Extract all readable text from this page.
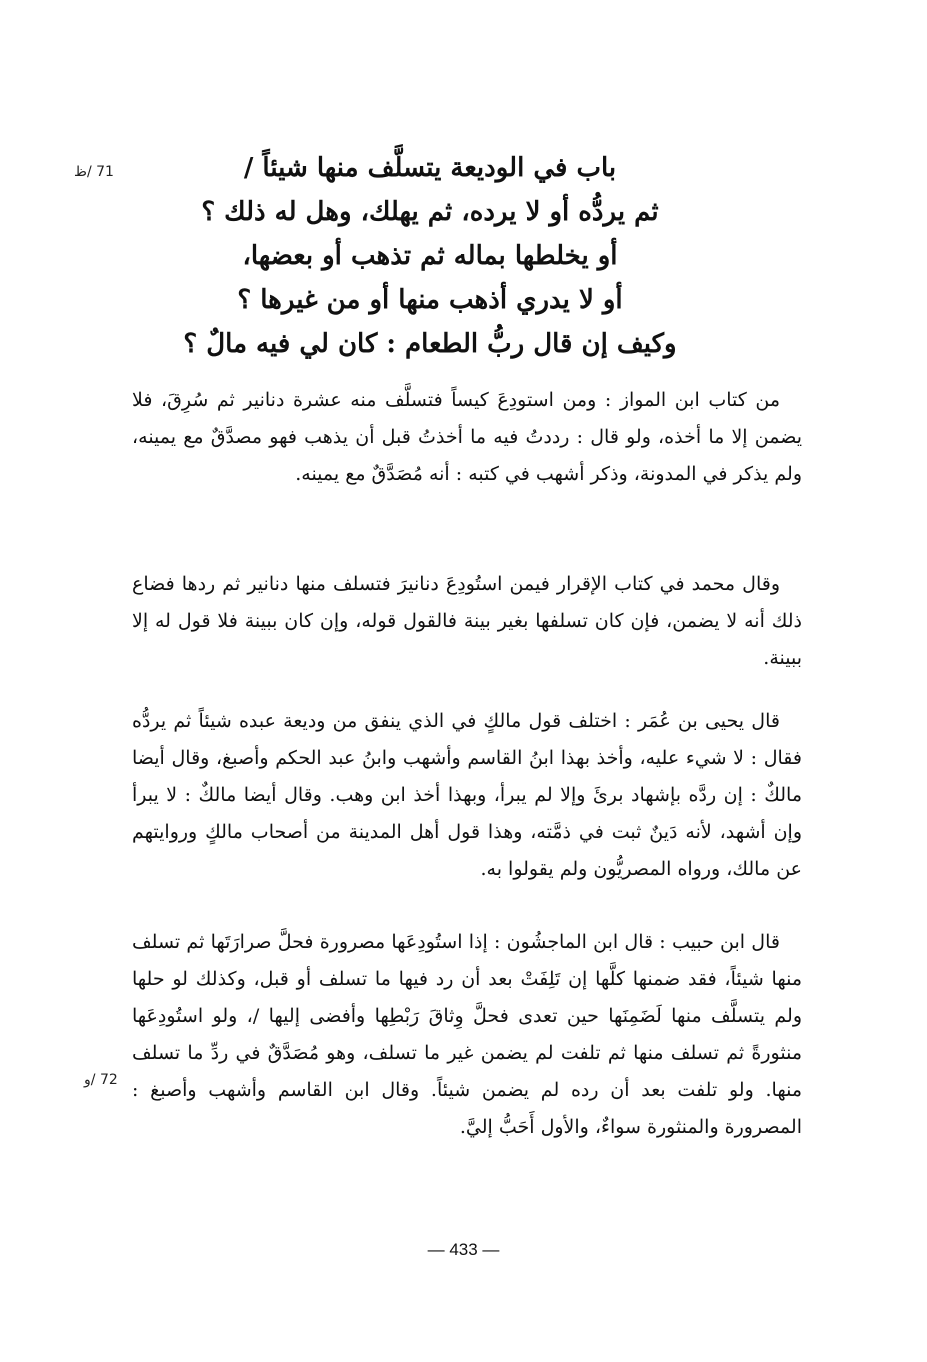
71 /ظ
72 /و
باب في الوديعة يتسلَّف منها شيئاً /
ثم يردُّه أو لا يرده، ثم يهلك، وهل له ذلك ؟
أو يخلطها بماله ثم تذهب أو بعضها،
أو لا يدري أذهب منها أو من غيرها ؟
وكيف إن قال ربُّ الطعام : كان لي فيه مالٌ ؟

من كتاب ابن المواز : ومن استودِعَ كيساً فتسلَّف منه عشرة دنانير ثم سُرِقَ، فلا يضمن إلا ما أخذه، ولو قال : رددتُ فيه ما أخذتُ قبل أن يذهب فهو مصدَّقٌ مع يمينه، ولم يذكر في المدونة، وذكر أشهب في كتبه : أنه مُصَدَّقٌ مع يمينه.

وقال محمد في كتاب الإقرار فيمن استُودِعَ دنانيرَ فتسلف منها دنانير ثم ردها فضاع ذلك أنه لا يضمن، فإن كان تسلفها بغير بينة فالقول قوله، وإن كان ببينة فلا قول له إلا ببينة.

قال يحيى بن عُمَر : اختلف قول مالكٍ في الذي ينفق من وديعة عبده شيئاً ثم يردُّه فقال : لا شيء عليه، وأخذ بهذا ابنُ القاسم وأشهب وابنُ عبد الحكم وأصبغ، وقال أيضا مالكٌ : إن ردَّه بإشهاد برئَ وإلا لم يبرأ، وبهذا أخذ ابن وهب. وقال أيضا مالكٌ : لا يبرأ وإن أشهد، لأنه دَينٌ ثبت في ذمَّته، وهذا قول أهل المدينة من أصحاب مالكٍ وروايتهم عن مالك، ورواه المصريُّون ولم يقولوا به.

قال ابن حبيب : قال ابن الماجشُون : إذا استُودِعَها مصرورة فحلَّ صرارَتَها ثم تسلف منها شيئاً، فقد ضمنها كلَّها إن تَلِفَتْ بعد أن رد فيها ما تسلف أو قبل، وكذلك لو حلها ولم يتسلَّف منها لَضَمِنَها حين تعدى فحلَّ وِثاقَ رَبْطِها وأفضى إليها /، ولو استُودِعَها منثورةً ثم تسلف منها ثم تلفت لم يضمن غير ما تسلف، وهو مُصَدَّقٌ في ردِّ ما تسلف منها. ولو تلفت بعد أن رده لم يضمن شيئاً. وقال ابن القاسم وأشهب وأصبغ : المصرورة والمنثورة سواءٌ، والأول أَحَبُّ إليَّ.

— 433 —
